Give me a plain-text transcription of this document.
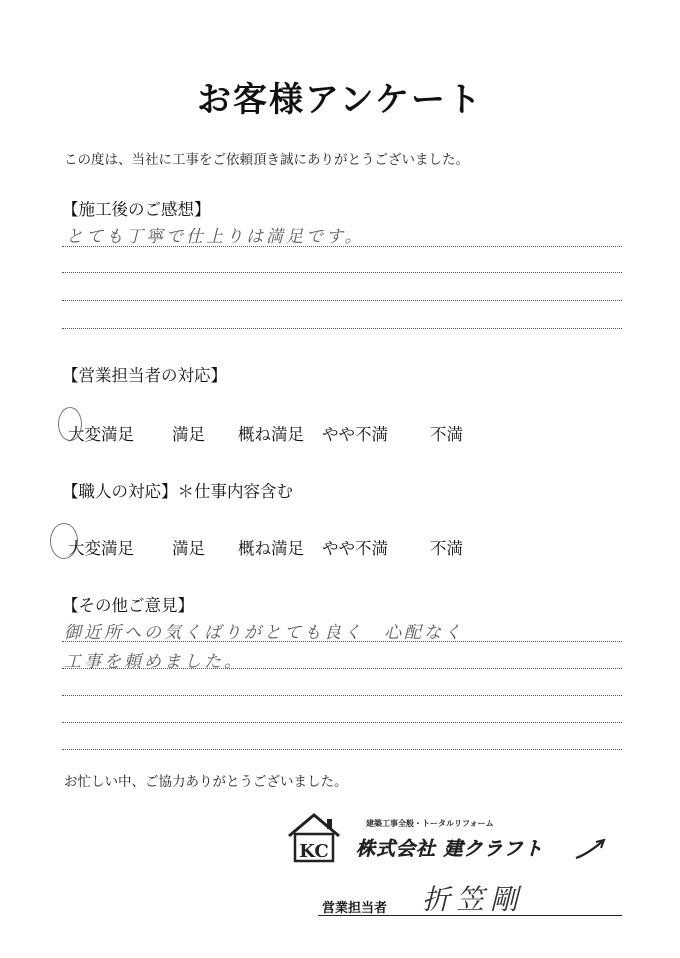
お客様アンケート
この度は、当社に工事をご依頼頂き誠にありがとうございました。
【施工後のご感想】
とても丁寧で仕上りは満足です。
【営業担当者の対応】
大変満足 満足 概ね満足 やや不満	不満
【職人の対応】＊仕事内容含む
大変満足 満足 概ね満足 やや不満	不満
【その他ご意見】
御近所への気くばりがとても良く　心配なく
工事を頼めました。
お忙しい中、ご協力ありがとうございました。
KC
建築工事全般・トータルリフォーム
株式会社 建クラフト
営業担当者 折笠剛
